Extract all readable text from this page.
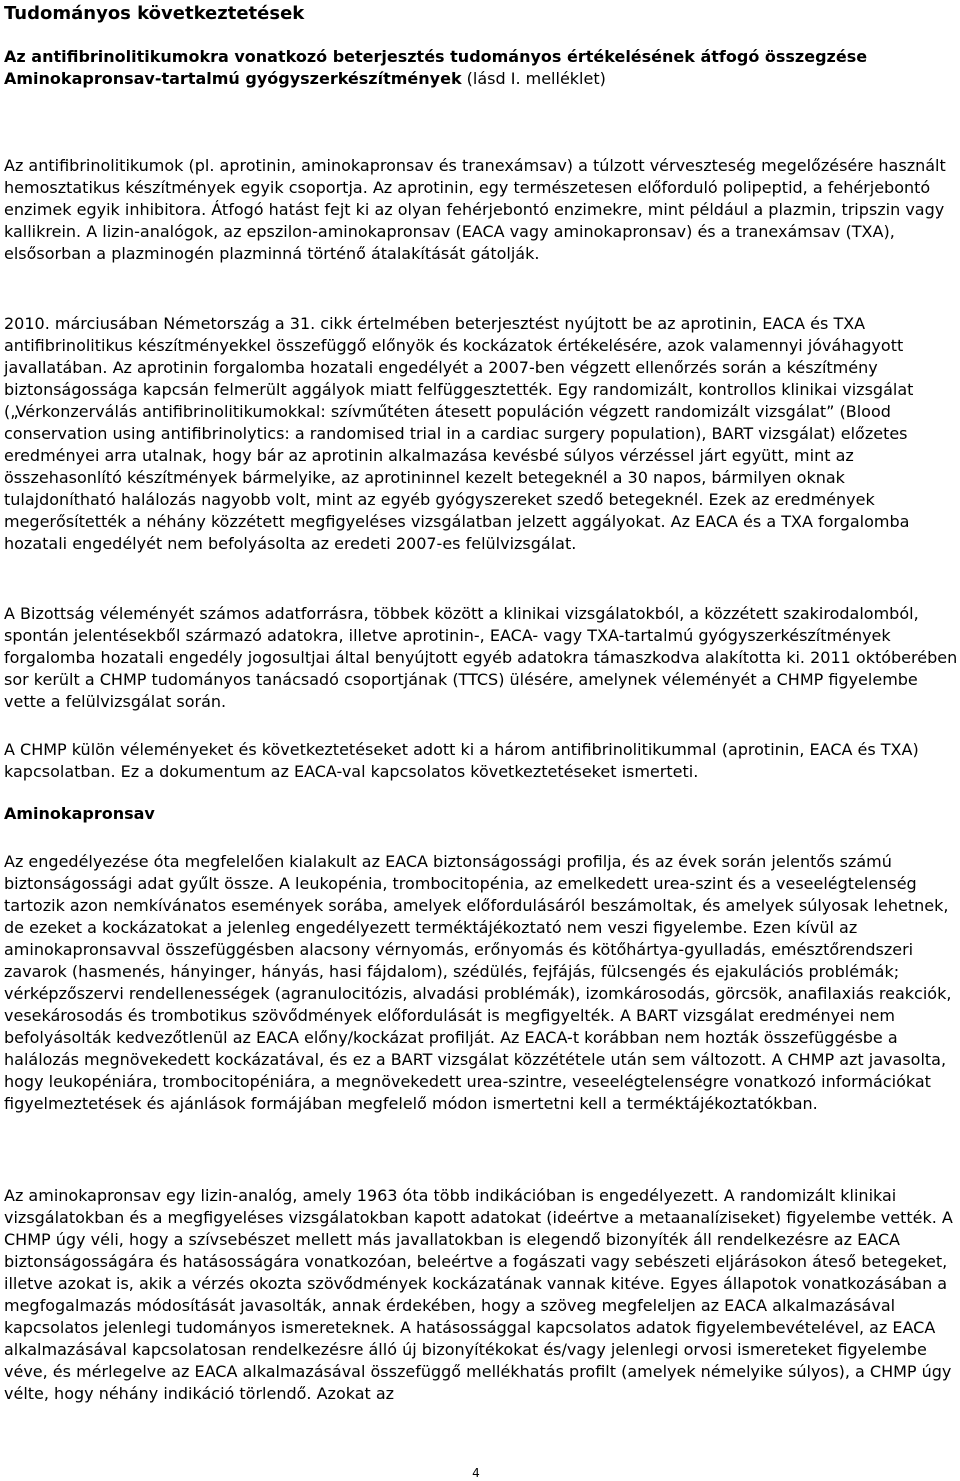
Tudományos következtetések

Az antifibrinolitikumokra vonatkozó beterjesztés tudományos értékelésének átfogó összegzése Aminokapronsav-tartalmú gyógyszerkészítmények (lásd I. melléklet)

Az antifibrinolitikumok (pl. aprotinin, aminokapronsav és tranexámsav) a túlzott vérveszteség megelőzésére használt hemosztatikus készítmények egyik csoportja. Az aprotinin, egy természetesen előforduló polipeptid, a fehérjebontó enzimek egyik inhibitora. Átfogó hatást fejt ki az olyan fehérjebontó enzimekre, mint például a plazmin, tripszin vagy kallikrein. A lizin-analógok, az epszilon-aminokapronsav (EACA vagy aminokapronsav) és a tranexámsav (TXA), elsősorban a plazminogén plazminná történő átalakítását gátolják.

2010. márciusában Németország a 31. cikk értelmében beterjesztést nyújtott be az aprotinin, EACA és TXA antifibrinolitikus készítményekkel összefüggő előnyök és kockázatok értékelésére, azok valamennyi jóváhagyott javallatában. Az aprotinin forgalomba hozatali engedélyét a 2007-ben végzett ellenőrzés során a készítmény biztonságossága kapcsán felmerült aggályok miatt felfüggesztették. Egy randomizált, kontrollos klinikai vizsgálat („Vérkonzerválás antifibrinolitikumokkal: szívműtéten átesett populáción végzett randomizált vizsgálat” (Blood conservation using antifibrinolytics: a randomised trial in a cardiac surgery population), BART vizsgálat) előzetes eredményei arra utalnak, hogy bár az aprotinin alkalmazása kevésbé súlyos vérzéssel járt együtt, mint az összehasonlító készítmények bármelyike, az aprotininnel kezelt betegeknél a 30 napos, bármilyen oknak tulajdonítható halálozás nagyobb volt, mint az egyéb gyógyszereket szedő betegeknél. Ezek az eredmények megerősítették a néhány közzétett megfigyeléses vizsgálatban jelzett aggályokat. Az EACA és a TXA forgalomba hozatali engedélyét nem befolyásolta az eredeti 2007-es felülvizsgálat.

A Bizottság véleményét számos adatforrásra, többek között a klinikai vizsgálatokból, a közzétett szakirodalomból, spontán jelentésekből származó adatokra, illetve aprotinin-, EACA- vagy TXA-tartalmú gyógyszerkészítmények forgalomba hozatali engedély jogosultjai által benyújtott egyéb adatokra támaszkodva alakította ki. 2011 októberében sor került a CHMP tudományos tanácsadó csoportjának (TTCS) ülésére, amelynek véleményét a CHMP figyelembe vette a felülvizsgálat során.

A CHMP külön véleményeket és következtetéseket adott ki a három antifibrinolitikummal (aprotinin, EACA és TXA) kapcsolatban. Ez a dokumentum az EACA-val kapcsolatos következtetéseket ismerteti.

Aminokapronsav

Az engedélyezése óta megfelelően kialakult az EACA biztonságossági profilja, és az évek során jelentős számú biztonságossági adat gyűlt össze. A leukopénia, trombocitopénia, az emelkedett urea-szint és a veseelégtelenség tartozik azon nemkívánatos események sorába, amelyek előfordulásáról beszámoltak, és amelyek súlyosak lehetnek, de ezeket a kockázatokat a jelenleg engedélyezett terméktájékoztató nem veszi figyelembe. Ezen kívül az aminokapronsavval összefüggésben alacsony vérnyomás, erőnyomás és kötőhártya-gyulladás, emésztőrendszeri zavarok (hasmenés, hányinger, hányás, hasi fájdalom), szédülés, fejfájás, fülcsengés és ejakulációs problémák; vérképzőszervi rendellenességek (agranulocitózis, alvadási problémák), izomkárosodás, görcsök, anafilaxiás reakciók, vesekárosodás és trombotikus szövődmények előfordulását is megfigyelték. A BART vizsgálat eredményei nem befolyásolták kedvezőtlenül az EACA előny/kockázat profilját. Az EACA-t korábban nem hozták összefüggésbe a halálozás megnövekedett kockázatával, és ez a BART vizsgálat közzététele után sem változott. A CHMP azt javasolta, hogy leukopéniára, trombocitopéniára, a megnövekedett urea-szintre, veseelégtelenségre vonatkozó információkat figyelmeztetések és ajánlások formájában megfelelő módon ismertetni kell a terméktájékoztatókban.

Az aminokapronsav egy lizin-analóg, amely 1963 óta több indikációban is engedélyezett. A randomizált klinikai vizsgálatokban és a megfigyeléses vizsgálatokban kapott adatokat (ideértve a metaanalíziseket) figyelembe vették. A CHMP úgy véli, hogy a szívsebészet mellett más javallatokban is elegendő bizonyíték áll rendelkezésre az EACA biztonságosságára és hatásosságára vonatkozóan, beleértve a fogászati vagy sebészeti eljárásokon áteső betegeket, illetve azokat is, akik a vérzés okozta szövődmények kockázatának vannak kitéve. Egyes állapotok vonatkozásában a megfogalmazás módosítását javasolták, annak érdekében, hogy a szöveg megfeleljen az EACA alkalmazásával kapcsolatos jelenlegi tudományos ismereteknek. A hatásossággal kapcsolatos adatok figyelembevételével, az EACA alkalmazásával kapcsolatosan rendelkezésre álló új bizonyítékokat és/vagy jelenlegi orvosi ismereteket figyelembe véve, és mérlegelve az EACA alkalmazásával összefüggő mellékhatás profilt (amelyek némelyike súlyos), a CHMP úgy vélte, hogy néhány indikáció törlendő. Azokat az

4
